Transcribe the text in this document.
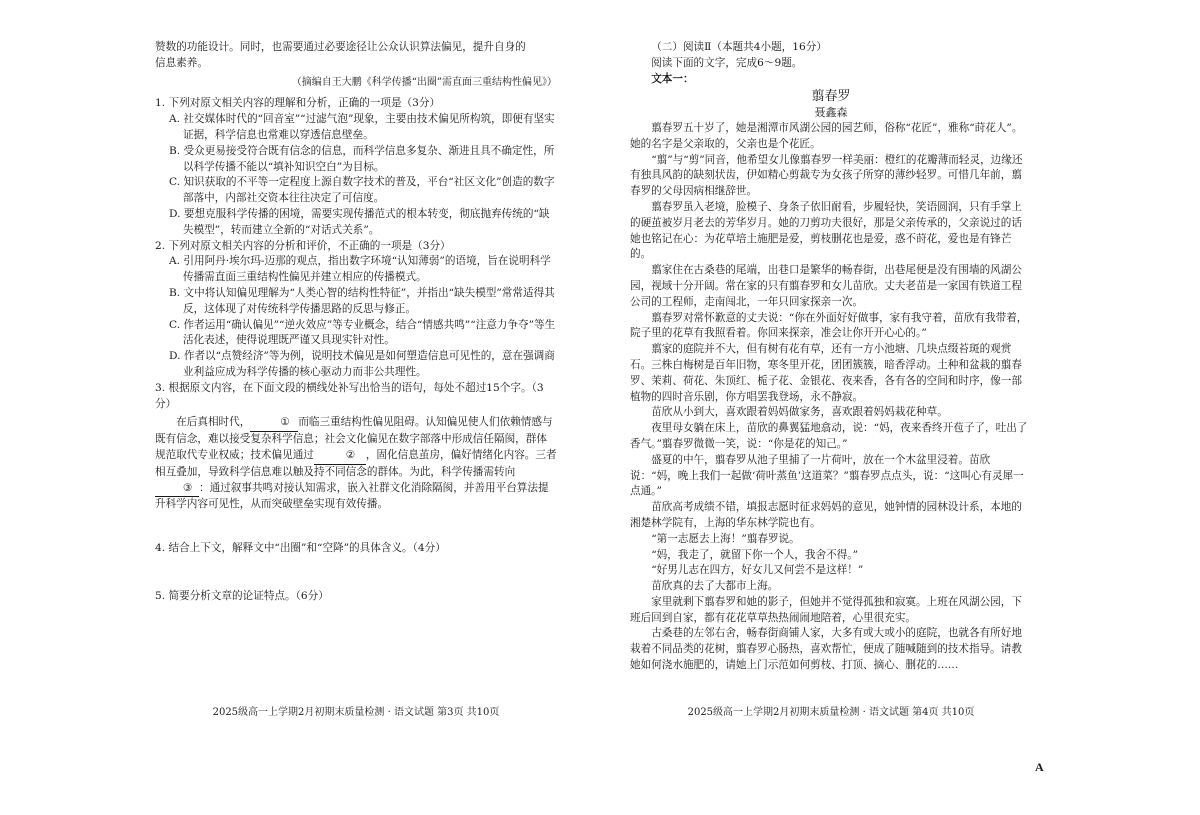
赞数的功能设计。同时，也需要通过必要途径让公众认识算法偏见，提升自身的

信息素养。

（摘编自王大鹏《科学传播“出圈”需直面三重结构性偏见》）

1. 下列对原文相关内容的理解和分析，正确的一项是（3分）

A. 社交媒体时代的“回音室”“过滤气泡”现象，主要由技术偏见所构筑，即便有坚实证据，科学信息也常难以穿透信息壁垒。

B. 受众更易接受符合既有信念的信息，而科学信息多复杂、渐进且具不确定性，所以科学传播不能以“填补知识空白”为目标。

C. 知识获取的不平等一定程度上源自数字技术的普及，平台“社区文化”创造的数字部落中，内部社交资本往往决定了可信度。

D. 要想克服科学传播的困境，需要实现传播范式的根本转变，彻底抛弃传统的“缺失模型”，转而建立全新的“对话式关系”。

2. 下列对原文相关内容的分析和评价，不正确的一项是（3分）

A. 引用阿丹·埃尔玛-迈那的观点，指出数字环境“认知薄弱”的语境，旨在说明科学传播需直面三重结构性偏见并建立相应的传播模式。

B. 文中将认知偏见理解为“人类心智的结构性特征”，并指出“缺失模型”常常适得其反，这体现了对传统科学传播思路的反思与修正。

C. 作者运用“确认偏见”“逆火效应”等专业概念，结合“情感共鸣”“注意力争夺”等生活化表述，使得说理既严谨又具现实针对性。

D. 作者以“点赞经济”等为例，说明技术偏见是如何塑造信息可见性的，意在强调商业利益应成为科学传播的核心驱动力而非公共理性。

3. 根据原文内容，在下面文段的横线处补写出恰当的语句，每处不超过15个字。（3分）

在后真相时代，	① 而临三重结构性偏见阻碍。认知偏见使人们依赖情感与既有信念，难以接受复杂科学信息；社会文化偏见在数字部落中形成信任隔阂，群体规范取代专业权威；技术偏见通过	② ，固化信息茧房，偏好情绪化内容。三者相互叠加，导致科学信息难以触及持不同信念的群体。为此，科学传播需转向③ ：通过叙事共鸣对接认知需求，嵌入社群文化消除隔阂，并善用平台算法提升科学内容可见性，从而突破壁垒实现有效传播。

4. 结合上下文，解释文中“出圈”和“空降”的具体含义。（4分）

5. 简要分析文章的论证特点。（6分）

2025级高一上学期2月初期末质量检测 · 语文试题 第3页 共10页

（二）阅读Ⅱ（本题共4小题，16分）

阅读下面的文字，完成6～9题。

文本一：

翦春罗

聂鑫森

翦春罗五十岁了，她是湘潭市风湖公园的园艺师，俗称“花匠”，雅称“莳花人”。她的名字是父亲取的，父亲也是个花匠。

“翦”与“剪”同音，他希望女儿像翦春罗一样美丽：橙红的花瓣薄而轻灵，边缘还有独具风韵的缺刻状齿，伊如精心剪裁专为女孩子所穿的薄纱轻罗。可惜几年前，翦春罗的父母因病相继辞世。

翦春罗虽入老境，脸模子、身条子依旧耐看，步履轻快，笑语圆润，只有手掌上的硬茧被岁月老去的芳华岁月。她的刀剪功夫很好，那是父亲传承的，父亲说过的话她也铭记在心：为花草培土施肥是爱，剪枝删花也是爱，惑不莳花，爱也是有锋芒的。

翦家住在古桑巷的尾端，出巷口是繁华的畅春街，出巷尾便是没有围墙的风湖公园，视域十分开阔。常在家的只有翦春罗和女儿苗欣。丈夫老苗是一家国有铁道工程公司的工程师，走南闯北，一年只回家探亲一次。

翦春罗对常怀歉意的丈夫说：“你在外面好好做事，家有我守着，苗欣有我带着，院子里的花草有我照看着。你回来探亲，准会让你开开心心的。”

翦家的庭院并不大，但有树有花有草，还有一方小池塘、几块点缀苔斑的观赏石。三株白梅树是百年旧物，寒冬里开花，团团簇簇，暗香浮动。土种和盆栽的翦春罗、茉莉、荷花、朱顶红、栀子花、金银花、夜来香，各有各的空间和时序，像一部植物的四时音乐剧，你方唱罢我登场，永不静寂。

苗欣从小到大，喜欢跟着妈妈做家务，喜欢跟着妈妈栽花种草。

夜里母女躺在床上，苗欣的鼻翼猛地翕动，说：“妈，夜来香终开苞子了，吐出了香气。”翦春罗微微一笑，说：“你是花的知己。”

盛夏的中午，翦春罗从池子里捕了一片荷叶，放在一个木盆里浸着。苗欣说：“妈，晚上我们一起做‘荷叶蒸鱼’这道菜？”翦春罗点点头，说：“这叫心有灵犀一点通。”

苗欣高考成绩不错，填报志愿时征求妈妈的意见，她钟情的园林设计系，本地的湘楚林学院有，上海的华东林学院也有。

“第一志愿去上海！”翦春罗说。

“妈，我走了，就留下你一个人，我舍不得。”

“好男儿志在四方，好女儿又何尝不是这样！”

苗欣真的去了大都市上海。

家里就剩下翦春罗和她的影子，但她并不觉得孤独和寂寞。上班在风湖公园，下班后回到自家，都有花花草草热热闹闹地陪着，心里很充实。

古桑巷的左邻右舍，畅春街商铺人家，大多有或大或小的庭院，也就各有所好地栽着不同品类的花树，翦春罗心肠热，喜欢帮忙，便成了随喊随到的技术指导。请教她如何浇水施肥的，请她上门示范如何剪枝、打顶、摘心、删花的……

2025级高一上学期2月初期末质量检测 · 语文试题 第4页 共10页
A
